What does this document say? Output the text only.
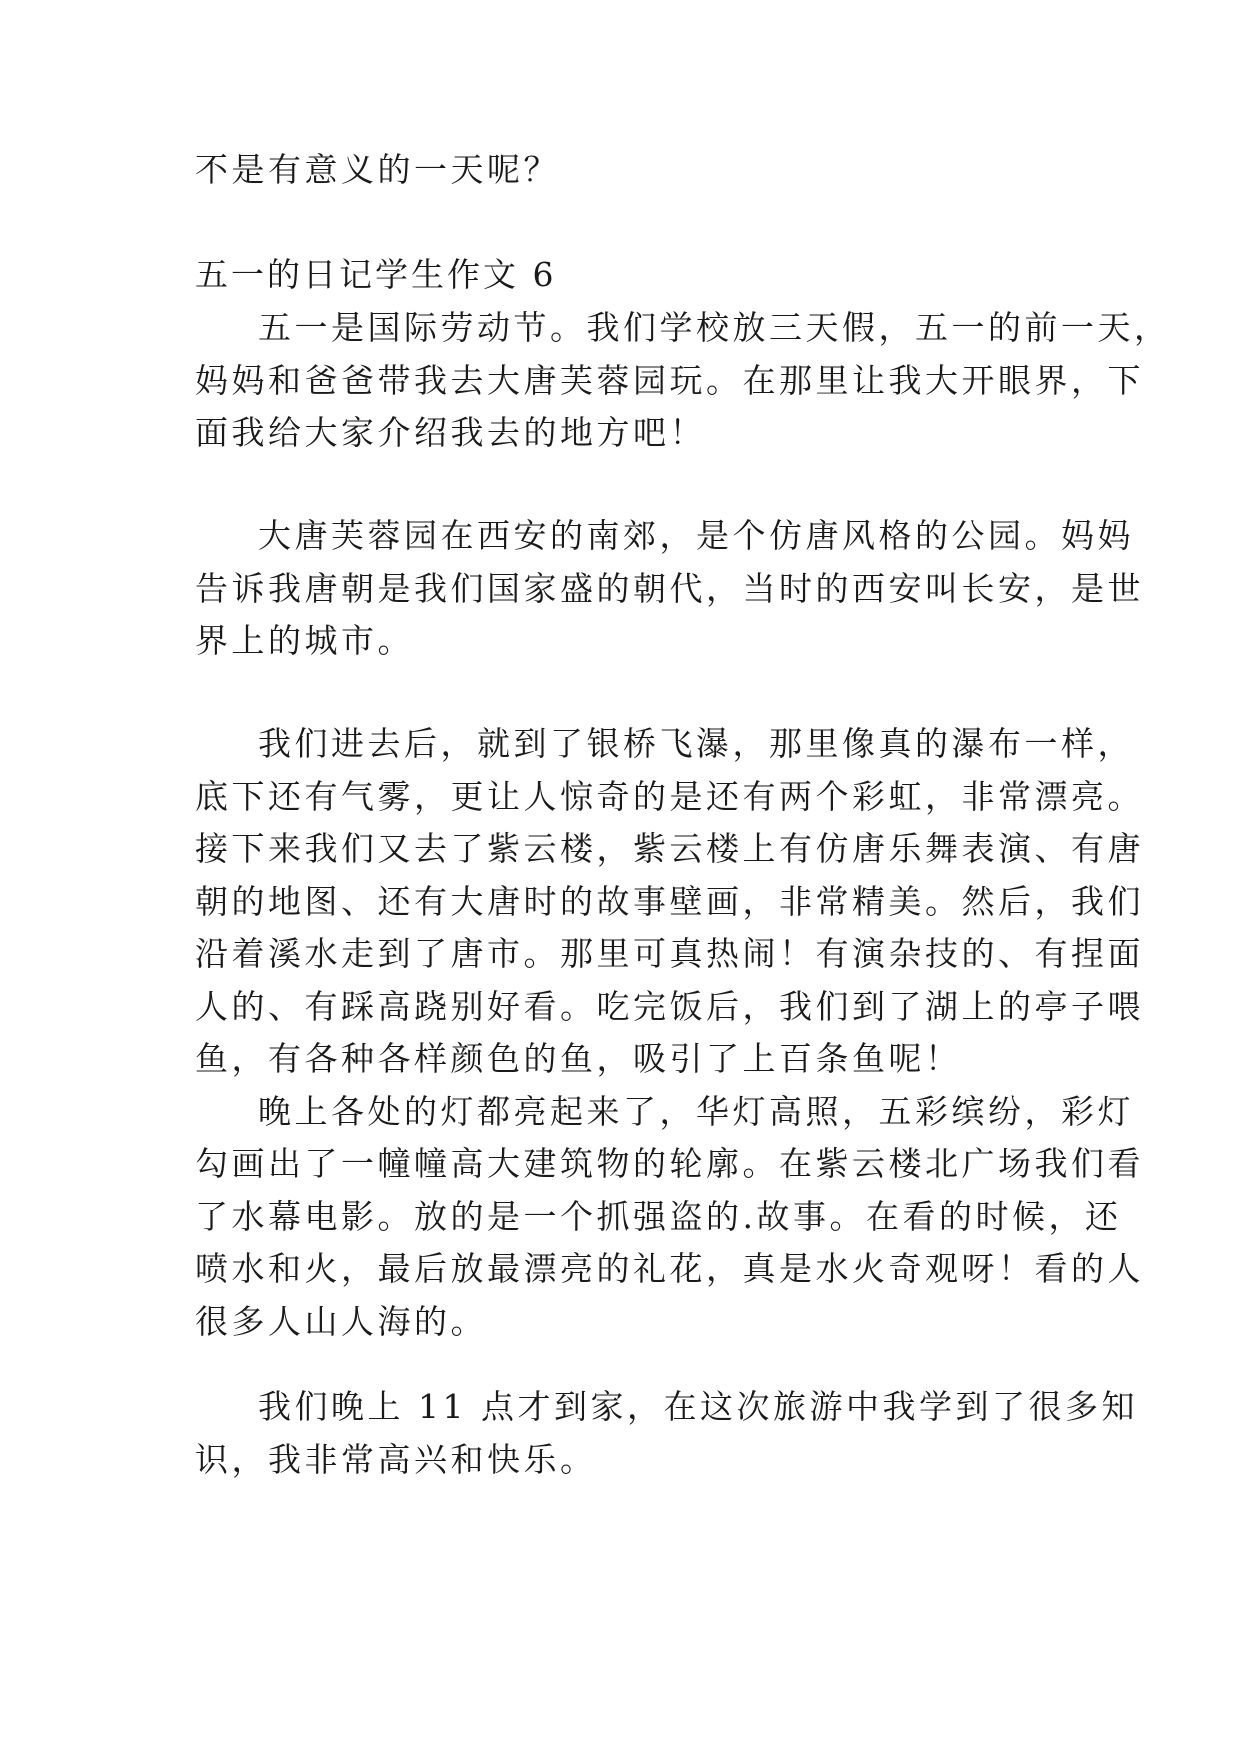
不是有意义的一天呢？
五一的日记学生作文 6
五一是国际劳动节。我们学校放三天假，五一的前一天，
妈妈和爸爸带我去大唐芙蓉园玩。在那里让我大开眼界，下
面我给大家介绍我去的地方吧！
大唐芙蓉园在西安的南郊，是个仿唐风格的公园。妈妈
告诉我唐朝是我们国家盛的朝代，当时的西安叫长安，是世
界上的城市。
我们进去后，就到了银桥飞瀑，那里像真的瀑布一样，
底下还有气雾，更让人惊奇的是还有两个彩虹，非常漂亮。
接下来我们又去了紫云楼，紫云楼上有仿唐乐舞表演、有唐
朝的地图、还有大唐时的故事壁画，非常精美。然后，我们
沿着溪水走到了唐市。那里可真热闹！有演杂技的、有捏面
人的、有踩高跷别好看。吃完饭后，我们到了湖上的亭子喂
鱼，有各种各样颜色的鱼，吸引了上百条鱼呢！
晚上各处的灯都亮起来了，华灯高照，五彩缤纷，彩灯
勾画出了一幢幢高大建筑物的轮廓。在紫云楼北广场我们看
了水幕电影。放的是一个抓强盗的.故事。在看的时候，还
喷水和火，最后放最漂亮的礼花，真是水火奇观呀！看的人
很多人山人海的。
我们晚上 11 点才到家，在这次旅游中我学到了很多知
识，我非常高兴和快乐。
